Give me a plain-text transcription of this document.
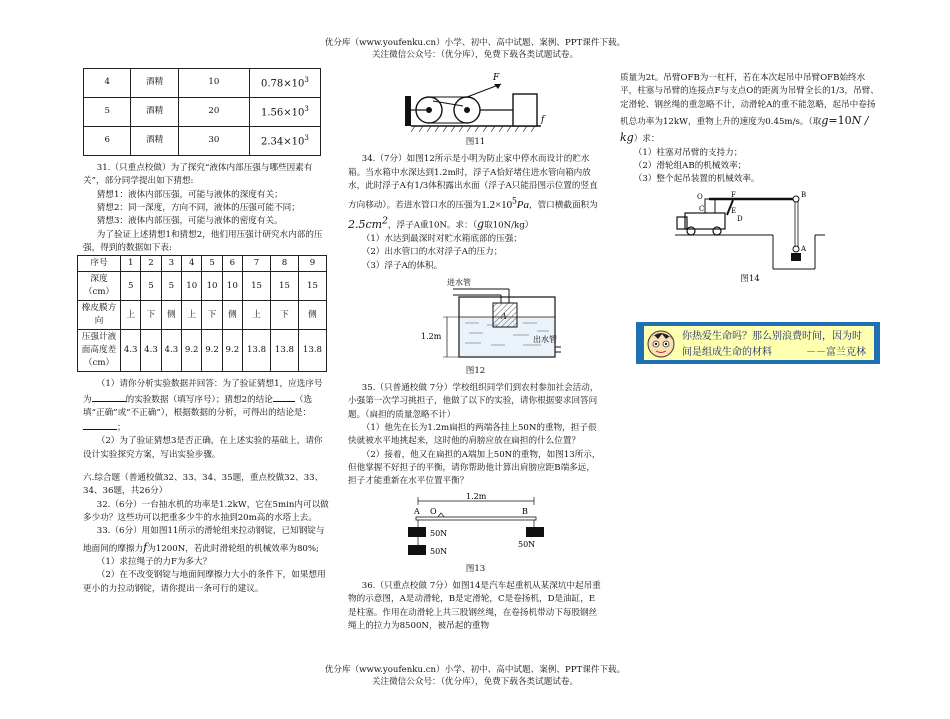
优分库（www.youfenku.cn）小学、初中、高中试题、案例、PPT课件下载。
关注微信公众号：（优分库），免费下载各类试题试卷。
4	酒精	10	$0.78\times 10^3$
5	酒精	20	$1.56\times 10^3$
6	酒精	30	$2.34\times 10^3$

31.（只重点校做）为了探究“液体内部压强与哪些因素有关”，部分同学提出如下猜想:

猜想1：液体内部压强，可能与液体的深度有关；

猜想2：同一深度，方向不同，液体的压强可能不同；

猜想3：液体内部压强，可能与液体的密度有关。

为了验证上述猜想1和猜想2，他们用压强计研究水内部的压强，得到的数据如下表:

序号	1	2	3	4	5	6	7	8	9
深度（cm）	5	5	5	10	10	10	15	15	15
橡皮膜方向	上	下	侧	上	下	侧	上	下	侧
压强计液面高度差（cm）	4.3	4.3	4.3	9.2	9.2	9.2	13.8	13.8	13.8

（1）请你分析实验数据并回答：为了验证猜想1，应选序号为	的实验数据（填写序号）；猜想2的结论	（选填“正确”或“不正确”），根据数据的分析，可得出的结论是：；

（2）为了验证猜想3是否正确，在上述实验的基础上，请你设计实验探究方案，写出实验步骤。

六.综合题（普通校做32、33、34、35题，重点校做32、33、34、36题，共26分）

32.（6分）一台抽水机的功率是1.2kW，它在5min内可以做多少功？这些功可以把重多少牛的水抽到20m高的水塔上去。

33.（6分）用如图11所示的滑轮组来拉动钢锭，已知钢锭与地面间的摩擦力f为1200N，若此时滑轮组的机械效率为80%;

（1）求拉绳子的力F为多大？

（2）在不改变钢锭与地面间摩擦力大小的条件下，如果想用更小的力拉动钢锭，请你提出一条可行的建议。

F
f

图11

34.（7分）如图12所示是小明为防止家中停水而设计的贮水箱。当水箱中水深达到1.2m时，浮子A恰好堵住进水管向箱内放水，此时浮子A有1/3体积露出水面（浮子A只能沿图示位置的竖直方向移动）。若进水管口水的压强为$1.2\times 10^5Pa$，管口横截面积为$2.5cm^2$，浮子A重10N。求：（g取10N/kg）

（1）水达到最深时对贮水箱底部的压强；

（2）出水管口的水对浮子A的压力；

（3）浮子A的体积。

进水管
A
1.2m	出水管

图12

35.（只普通校做 7分）学校组织同学们到农村参加社会活动，小强第一次学习挑担子，他做了以下的实验，请你根据要求回答问题。（扁担的质量忽略不计）

（1）他先在长为1.2m扁担的两端各挂上50N的重物，担子很快就被水平地挑起来，这时他的肩膀应放在扁担的什么位置？

（2）接着，他又在扁担的A端加上50N的重物，如图13所示，但他掌握不好担子的平衡，请你帮助他计算出肩膀应距B端多远，担子才能重新在水平位置平衡？

1.2m
A O	B
50N
50N
50N

图13

36.（只重点校做 7分）如图14是汽车起重机从某深坑中起吊重物的示意图，A是动滑轮，B是定滑轮，C是卷扬机，D是油缸，E是柱塞。作用在动滑轮上共三股钢丝绳，在卷扬机带动下每股钢丝绳上的拉力为8500N，被吊起的重物

质量为2t。吊臂OFB为一杠杆，若在本次起吊中吊臂OFB始终水平，柱塞与吊臂的连接点F与支点O的距离为吊臂全长的1/3，吊臂、定滑轮、钢丝绳的重忽略不计，动滑轮A的重不能忽略，起吊中卷扬机总功率为12kW，重物上升的速度为0.45m/s。（取g=10N / kg）求：

（1）柱塞对吊臂的支持力；

（2）滑轮组AB的机械效率；

（3）整个起吊装置的机械效率。

O	F
E
D
C
B
A

图14

你热爱生命吗？那么别浪费时间，因为时间是组成生命的材料	－－富兰克林
优分库（www.youfenku.cn）小学、初中、高中试题、案例、PPT课件下载。
关注微信公众号：（优分库），免费下载各类试题试卷。
